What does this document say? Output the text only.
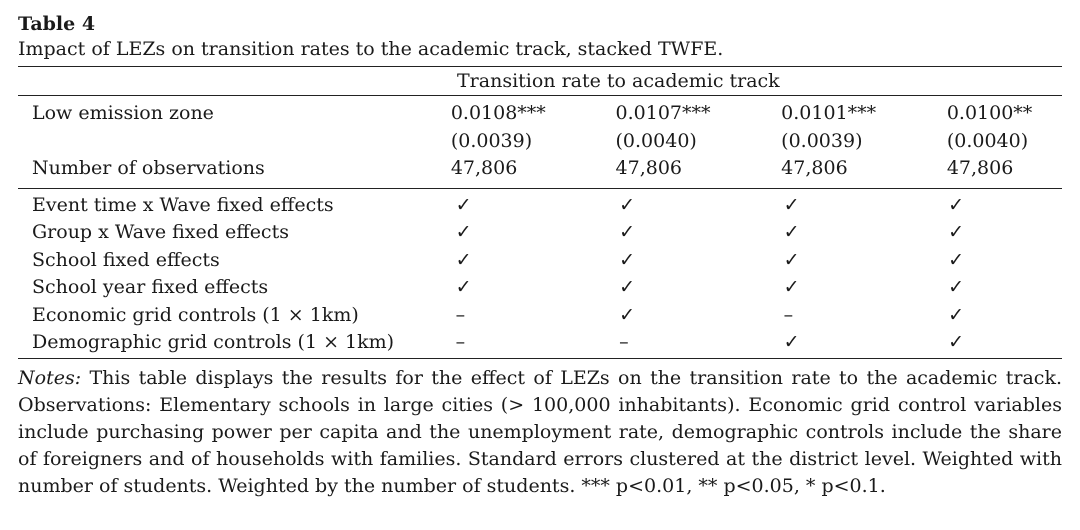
Table 4

Impact of LEZs on transition rates to the academic track, stacked TWFE.

	Transition rate to academic track
Low emission zone	0.0108***	0.0107***	0.0101***	0.0100**
	(0.0039)	(0.0040)	(0.0039)	(0.0040)
Number of observations	47,806	47,806	47,806	47,806
Event time x Wave fixed effects	✓	✓	✓	✓
Group x Wave fixed effects	✓	✓	✓	✓
School fixed effects	✓	✓	✓	✓
School year fixed effects	✓	✓	✓	✓
Economic grid controls (1 × 1km)	–	✓	–	✓
Demographic grid controls (1 × 1km)	–	–	✓	✓

Notes: This table displays the results for the effect of LEZs on the transition rate to the academic track. Observations: Elementary schools in large cities (> 100,000 inhabitants). Economic grid control variables include purchasing power per capita and the unemployment rate, demographic controls include the share of foreigners and of households with families. Standard errors clustered at the district level. Weighted with number of students. Weighted by the number of students. *** p<0.01, ** p<0.05, * p<0.1.
